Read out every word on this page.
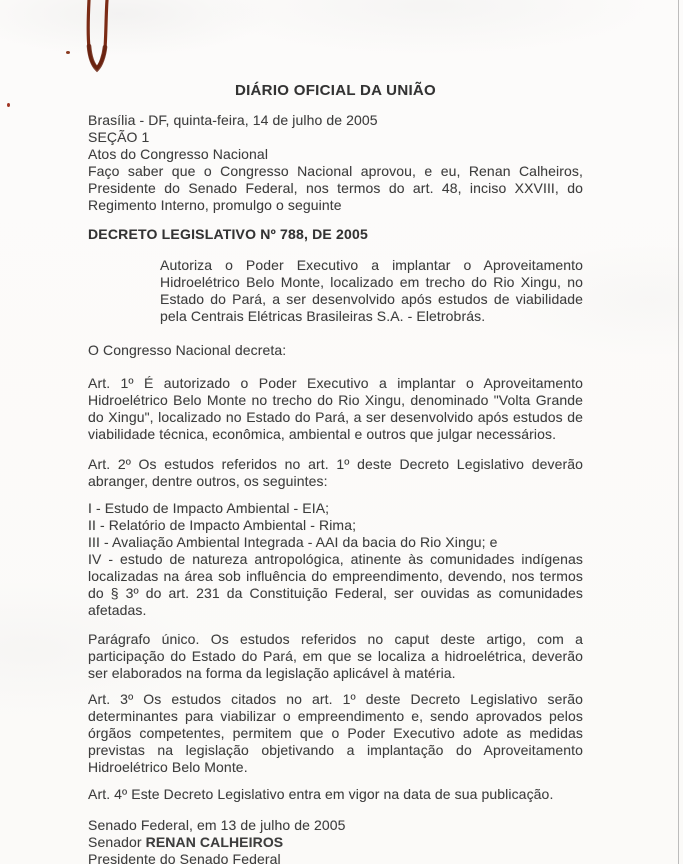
DIÁRIO OFICIAL DA UNIÃO

Brasília - DF, quinta-feira, 14 de julho de 2005

SEÇÃO 1

Atos do Congresso Nacional

Faço saber que o Congresso Nacional aprovou, e eu, Renan Calheiros, Presidente do Senado Federal, nos termos do art. 48, inciso XXVIII, do Regimento Interno, promulgo o seguinte

DECRETO LEGISLATIVO Nº 788, DE 2005

Autoriza o Poder Executivo a implantar o Aproveitamento Hidroelétrico Belo Monte, localizado em trecho do Rio Xingu, no Estado do Pará, a ser desenvolvido após estudos de viabilidade pela Centrais Elétricas Brasileiras S.A. - Eletrobrás.

O Congresso Nacional decreta:

Art. 1º É autorizado o Poder Executivo a implantar o Aproveitamento Hidroelétrico Belo Monte no trecho do Rio Xingu, denominado "Volta Grande do Xingu", localizado no Estado do Pará, a ser desenvolvido após estudos de viabilidade técnica, econômica, ambiental e outros que julgar necessários.

Art. 2º Os estudos referidos no art. 1º deste Decreto Legislativo deverão abranger, dentre outros, os seguintes:

I - Estudo de Impacto Ambiental - EIA;

II - Relatório de Impacto Ambiental - Rima;

III - Avaliação Ambiental Integrada - AAI da bacia do Rio Xingu; e

IV - estudo de natureza antropológica, atinente às comunidades indígenas localizadas na área sob influência do empreendimento, devendo, nos termos do § 3º do art. 231 da Constituição Federal, ser ouvidas as comunidades afetadas.

Parágrafo único. Os estudos referidos no caput deste artigo, com a participação do Estado do Pará, em que se localiza a hidroelétrica, deverão ser elaborados na forma da legislação aplicável à matéria.

Art. 3º Os estudos citados no art. 1º deste Decreto Legislativo serão determinantes para viabilizar o empreendimento e, sendo aprovados pelos órgãos competentes, permitem que o Poder Executivo adote as medidas previstas na legislação objetivando a implantação do Aproveitamento Hidroelétrico Belo Monte.

Art. 4º Este Decreto Legislativo entra em vigor na data de sua publicação.

Senado Federal, em 13 de julho de 2005

Senador RENAN CALHEIROS

Presidente do Senado Federal
